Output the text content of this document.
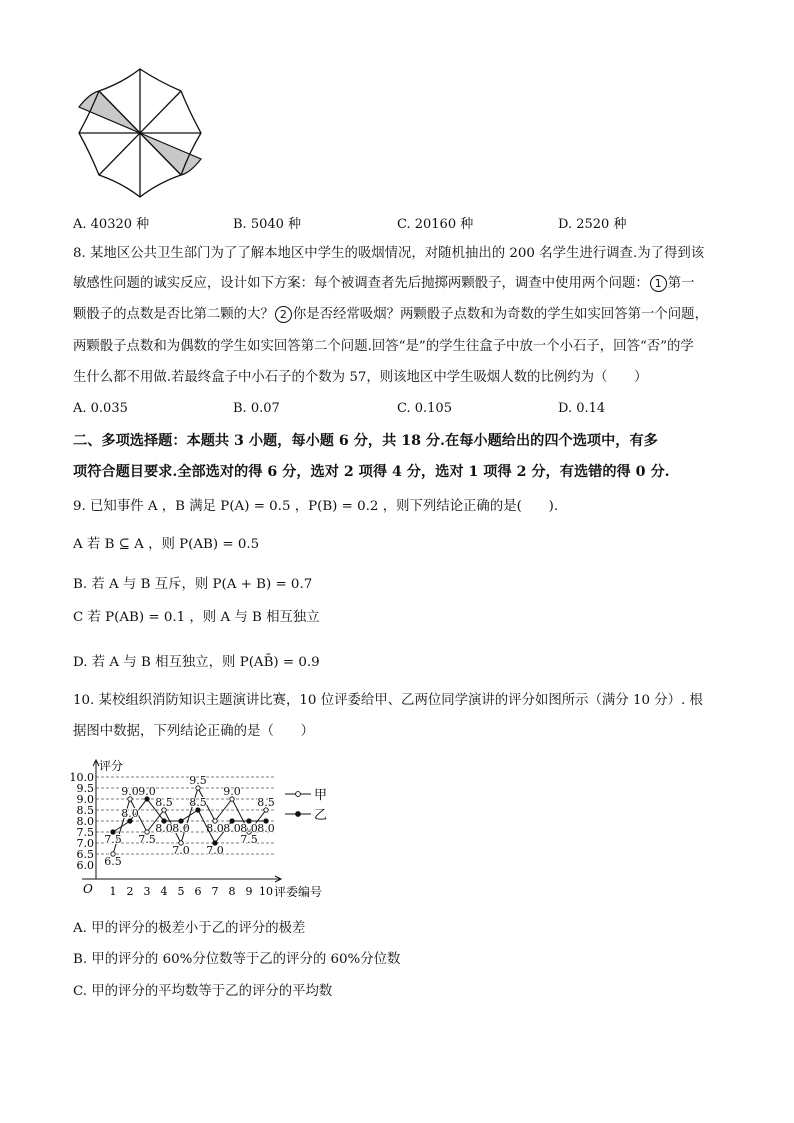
A. 40320 种	B. 5040 种	C. 20160 种	D. 2520 种
8. 某地区公共卫生部门为了了解本地区中学生的吸烟情况，对随机抽出的 200 名学生进行调查.为了得到该
敏感性问题的诚实反应，设计如下方案：每个被调查者先后抛掷两颗骰子，调查中使用两个问题： 1 第一
颗骰子的点数是否比第二颗的大？ 2 你是否经常吸烟？两颗骰子点数和为奇数的学生如实回答第一个问题，
两颗骰子点数和为偶数的学生如实回答第二个问题.回答“是”的学生往盒子中放一个小石子，回答“否”的学
生什么都不用做.若最终盒子中小石子的个数为 57，则该地区中学生吸烟人数的比例约为（　　）
A. 0.035	B. 0.07	C. 0.105	D. 0.14
二、多项选择题：本题共 3 小题，每小题 6 分，共 18 分.在每小题给出的四个选项中，有多
项符合题目要求.全部选对的得 6 分，选对 2 项得 4 分，选对 1 项得 2 分，有选错的得 0 分.
9. 已知事件 A ，B 满足 P(A) = 0.5 ，P(B) = 0.2 ，则下列结论正确的是(　　).
A 若 B ⊆ A ，则 P(AB) = 0.5
B. 若 A 与 B 互斥，则 P(A + B) = 0.7
C 若 P(AB) = 0.1 ，则 A 与 B 相互独立
D. 若 A 与 B 相互独立，则 P(AB̄) = 0.9
10. 某校组织消防知识主题演讲比赛，10 位评委给甲、乙两位同学演讲的评分如图所示（满分 10 分）. 根
据图中数据，下列结论正确的是（　　）
6.0
6.5
7.0
7.5
8.0
8.5
9.0
9.5
10.0
评分
O 1 2 3 4 5 6 7 8 9 10 评委编号
6.5
9.0
7.5
8.5
7.0
9.5
8.0
9.0
7.5
8.5
7.5
8.0
9.0
8.0 8.0
8.5
7.0
8.0 8.0 8.0
甲
乙
A. 甲的评分的极差小于乙的评分的极差
B. 甲的评分的 60%分位数等于乙的评分的 60%分位数
C. 甲的评分的平均数等于乙的评分的平均数
